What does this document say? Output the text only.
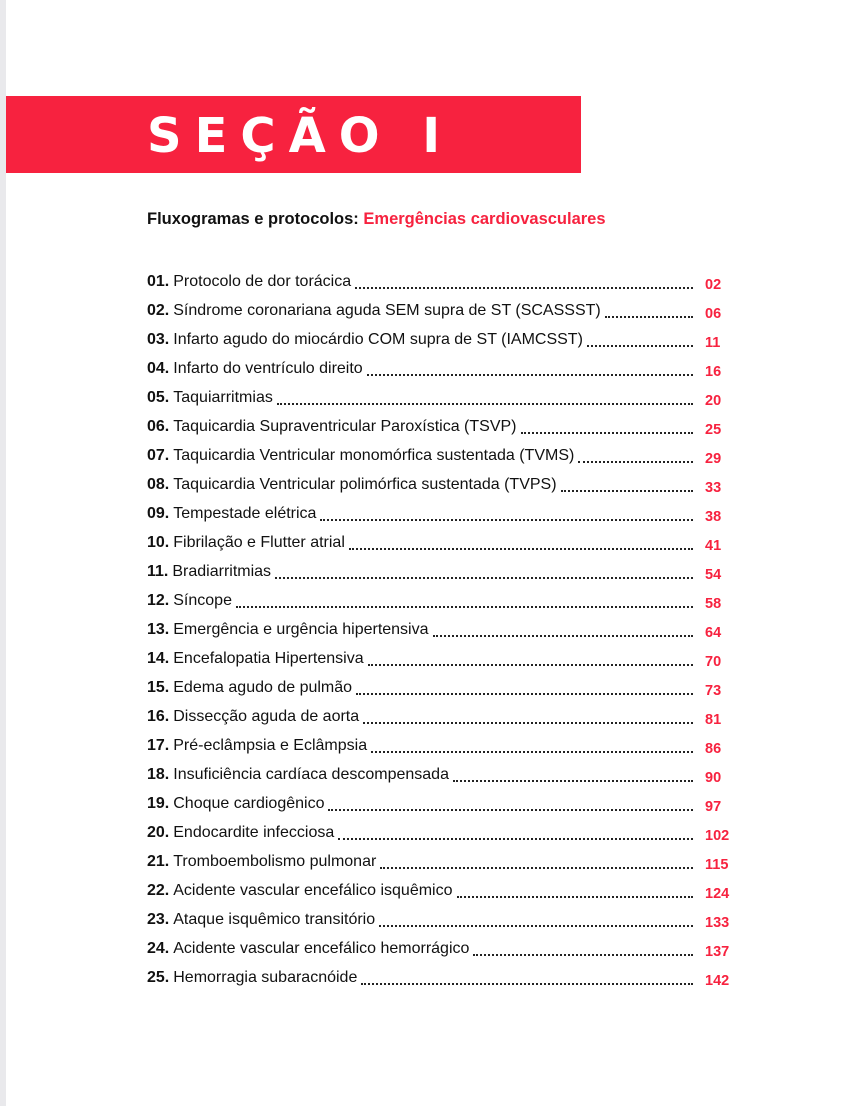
SEÇÃO I
Fluxogramas e protocolos: Emergências cardiovasculares
01. Protocolo de dor torácica	02
02. Síndrome coronariana aguda SEM supra de ST (SCASSST)	06
03. Infarto agudo do miocárdio COM supra de ST (IAMCSST)	11
04. Infarto do ventrículo direito	16
05. Taquiarritmias	20
06. Taquicardia Supraventricular Paroxística (TSVP)	25
07. Taquicardia Ventricular monomórfica sustentada (TVMS)	29
08. Taquicardia Ventricular polimórfica sustentada (TVPS)	33
09. Tempestade elétrica	38
10. Fibrilação e Flutter atrial	41
11. Bradiarritmias	54
12. Síncope	58
13. Emergência e urgência hipertensiva	64
14. Encefalopatia Hipertensiva	70
15. Edema agudo de pulmão	73
16. Dissecção aguda de aorta	81
17. Pré-eclâmpsia e Eclâmpsia	86
18. Insuficiência cardíaca descompensada	90
19. Choque cardiogênico	97
20. Endocardite infecciosa	102
21. Tromboembolismo pulmonar	115
22. Acidente vascular encefálico isquêmico	124
23. Ataque isquêmico transitório	133
24. Acidente vascular encefálico hemorrágico	137
25. Hemorragia subaracnóide	142
